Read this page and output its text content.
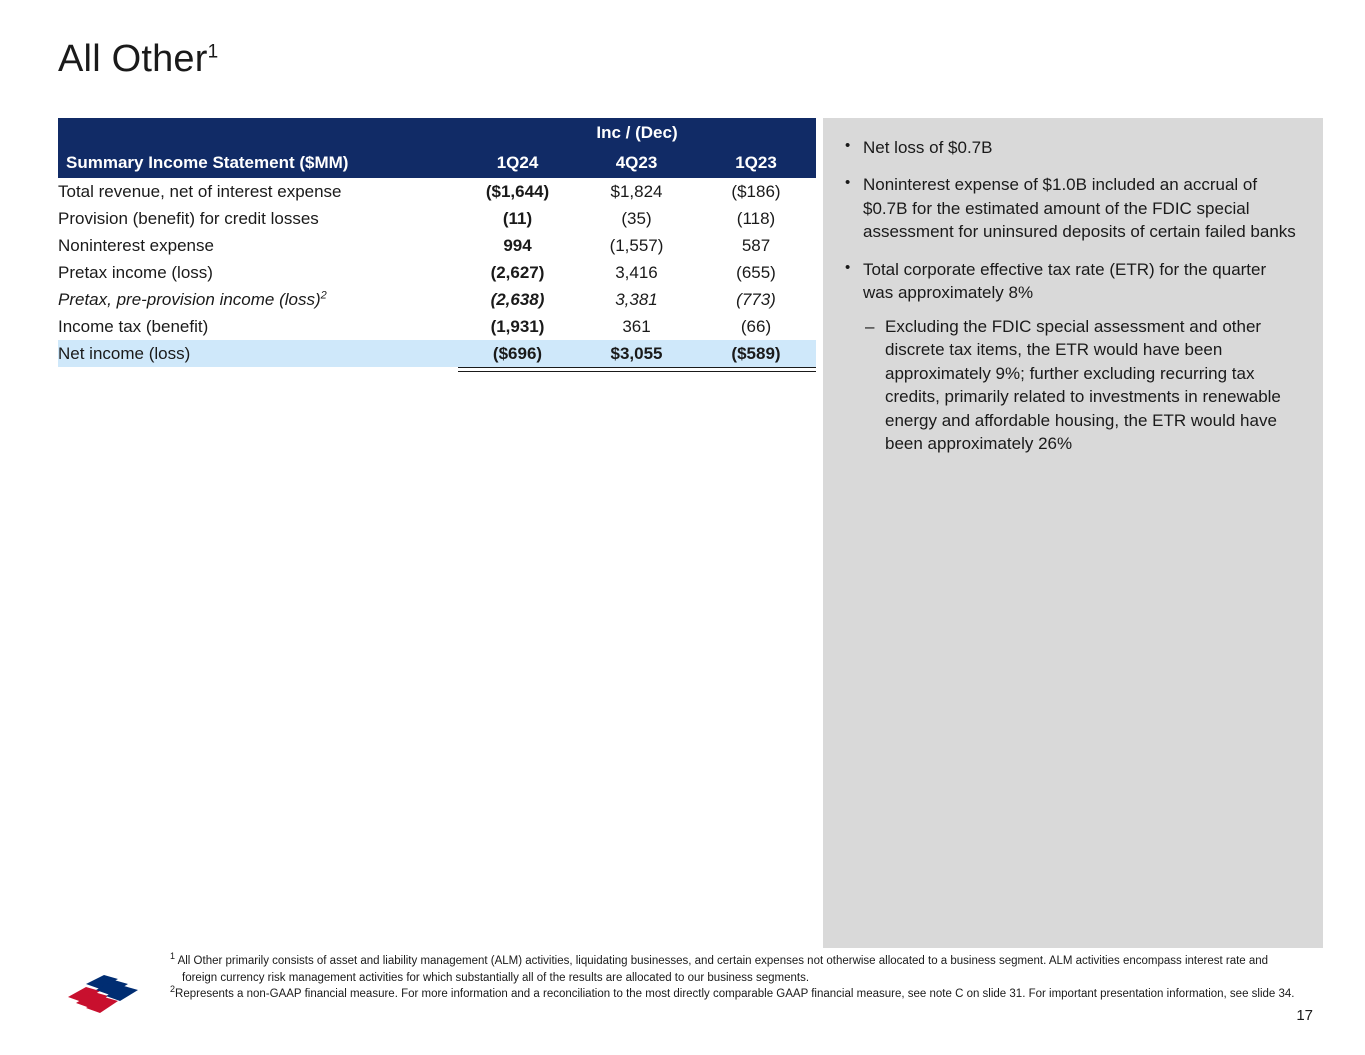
All Other$^1$
	Inc / (Dec)		
Summary Income Statement ($MM)	1Q24	4Q23	1Q23
Total revenue, net of interest expense	($1,644)	$1,824	($186)
Provision (benefit) for credit losses	(11)	(35)	(118)
Noninterest expense	994	(1,557)	587
Pretax income (loss)	(2,627)	3,416	(655)
Pretax, pre-provision income (loss)$^2$	(2,638)	3,381	(773)
Income tax (benefit)	(1,931)	361	(66)
Net income (loss)	($696)	$3,055	($589)
• Net loss of $0.7B
• Noninterest expense of $1.0B included an accrual of $0.7B for the estimated amount of the FDIC special assessment for uninsured deposits of certain failed banks
• Total corporate effective tax rate (ETR) for the quarter was approximately 8%
– Excluding the FDIC special assessment and other discrete tax items, the ETR would have been approximately 9%; further excluding recurring tax credits, primarily related to investments in renewable energy and affordable housing, the ETR would have been approximately 26%

$^1$ All Other primarily consists of asset and liability management (ALM) activities, liquidating businesses, and certain expenses not otherwise allocated to a business segment. ALM activities encompass interest rate and

foreign currency risk management activities for which substantially all of the results are allocated to our business segments.

$^2$Represents a non-GAAP financial measure. For more information and a reconciliation to the most directly comparable GAAP financial measure, see note C on slide 31. For important presentation information, see slide 34.

17
